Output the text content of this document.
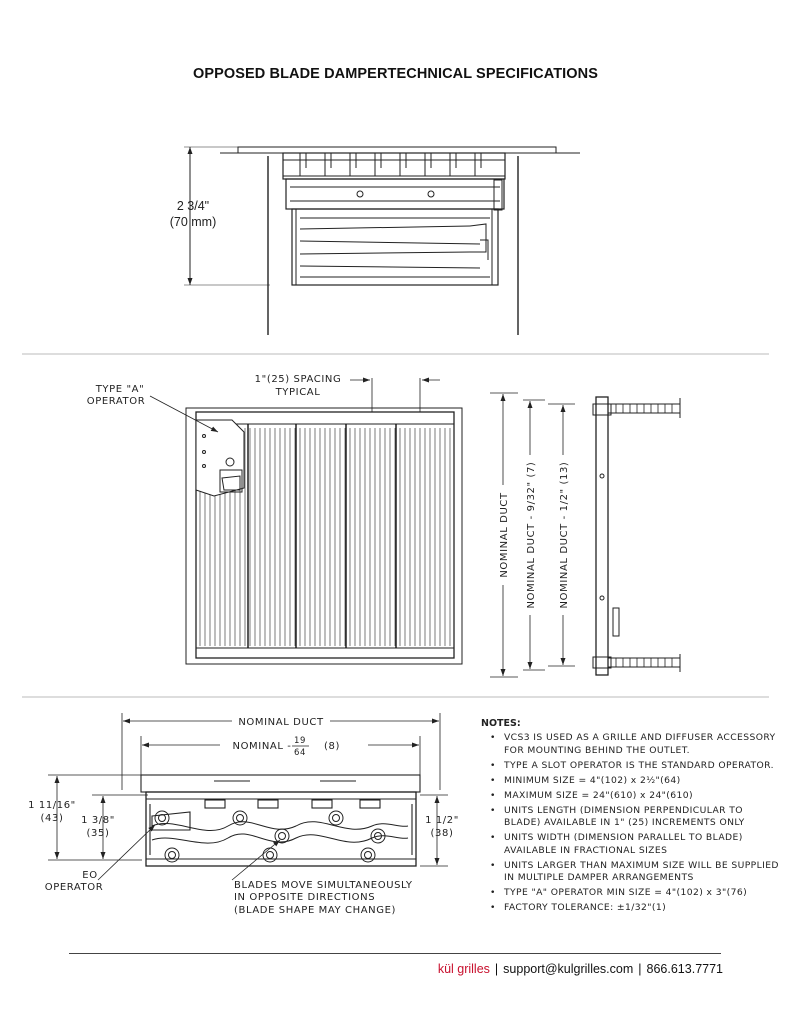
OPPOSED BLADE DAMPERTECHNICAL SPECIFICATIONS
2 3/4"
(70 mm)
TYPE "A"
OPERATOR
1"(25) SPACING
TYPICAL
NOMINAL DUCT NOMINAL DUCT - 9/32" (7) NOMINAL DUCT - 1/2" (13)
NOMINAL DUCT
NOMINAL - 19
64
(8)
1 11/16"
(43) 1 3/8"
(35)
1 1/2"
(38)
EO
OPERATOR	BLADES MOVE SIMULTANEOUSLY
IN OPPOSITE DIRECTIONS
(BLADE SHAPE MAY CHANGE)
NOTES:
• VCS3 IS USED AS A GRILLE AND DIFFUSER ACCESSORY FOR MOUNTING BEHIND THE OUTLET.
• TYPE A SLOT OPERATOR IS THE STANDARD OPERATOR.
• MINIMUM SIZE = 4"(102) x 2½"(64)
• MAXIMUM SIZE = 24"(610) x 24"(610)
• UNITS LENGTH (DIMENSION PERPENDICULAR TO BLADE) AVAILABLE IN 1" (25) INCREMENTS ONLY
• UNITS WIDTH (DIMENSION PARALLEL TO BLADE) AVAILABLE IN FRACTIONAL SIZES
• UNITS LARGER THAN MAXIMUM SIZE WILL BE SUPPLIED IN MULTIPLE DAMPER ARRANGEMENTS
• TYPE "A" OPERATOR MIN SIZE = 4"(102) x 3"(76)
• FACTORY TOLERANCE: ±1/32"(1)
kül grilles | support@kulgrilles.com | 866.613.7771
